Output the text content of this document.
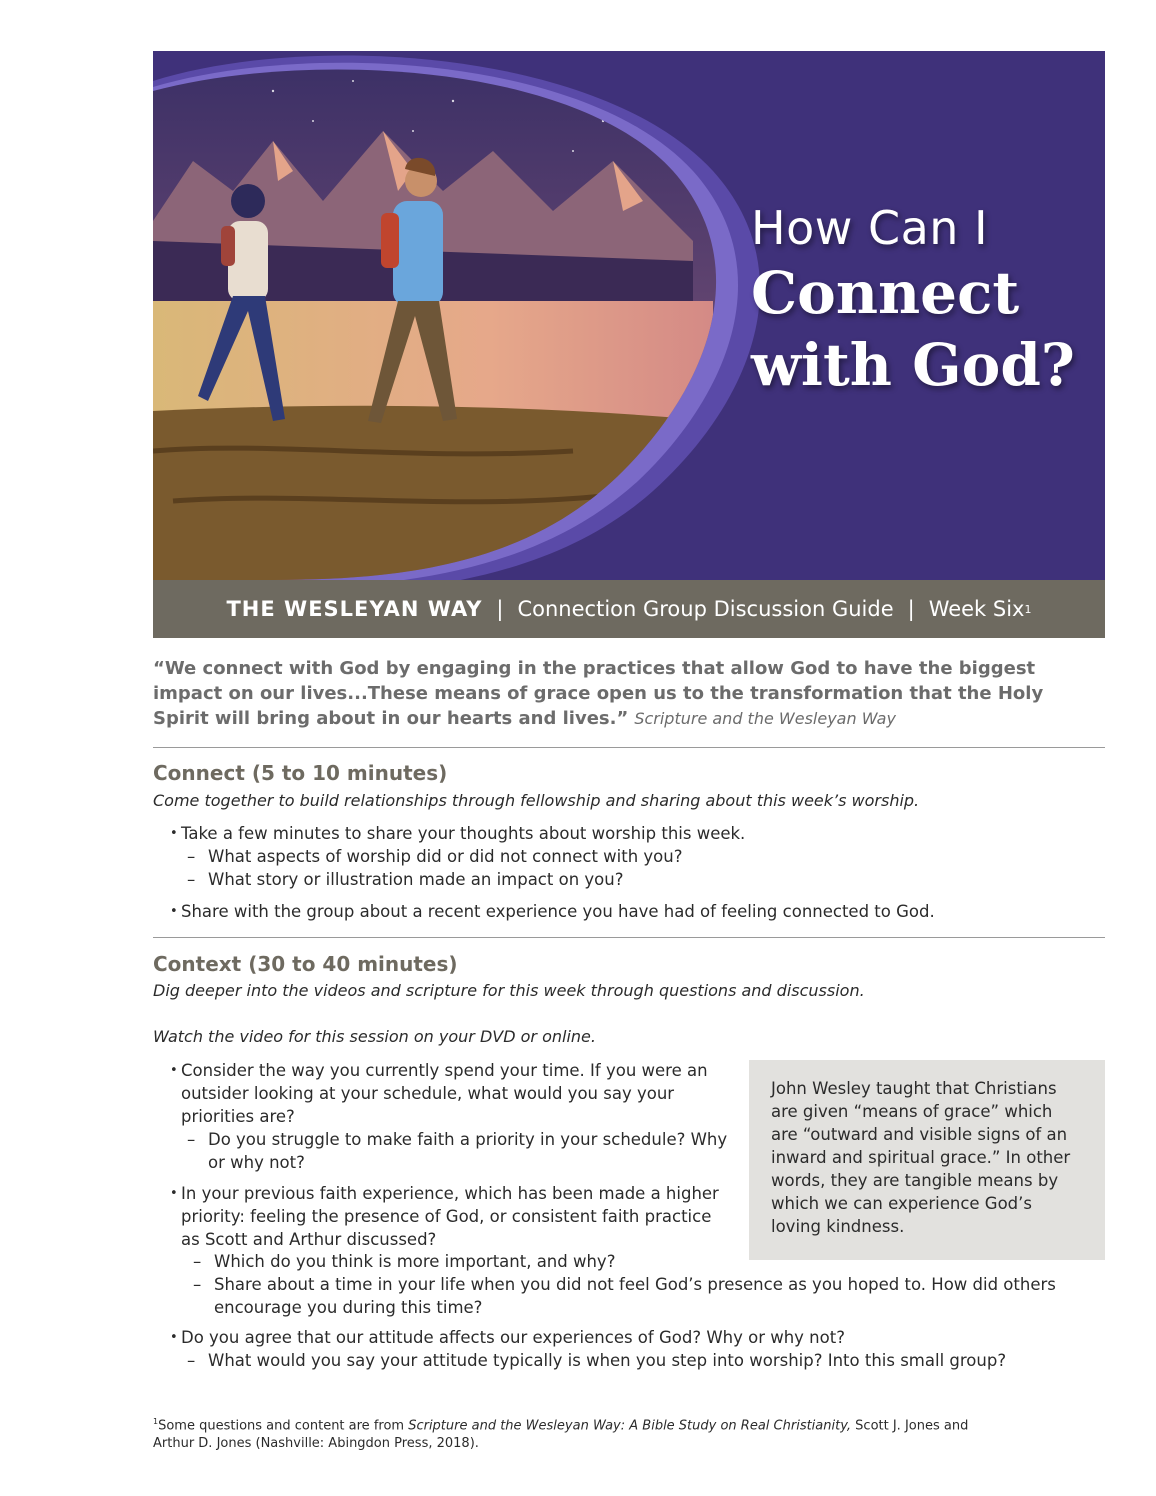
How Can I
Connect
with God?
THE WESLEYAN WAY | Connection Group Discussion Guide | Week Six 1
“We connect with God by engaging in the practices that allow God to have the biggest impact on our lives...These means of grace open us to the transformation that the Holy Spirit will bring about in our hearts and lives.” Scripture and the Wesleyan Way
Connect (5 to 10 minutes)
Come together to build relationships through fellowship and sharing about this week’s worship.
• Take a few minutes to share your thoughts about worship this week.
– What aspects of worship did or did not connect with you?
– What story or illustration made an impact on you?
• Share with the group about a recent experience you have had of feeling connected to God.
Context (30 to 40 minutes)
Dig deeper into the videos and scripture for this week through questions and discussion.
Watch the video for this session on your DVD or online.
• Consider the way you currently spend your time. If you were an outsider looking at your schedule, what would you say your priorities are?
– Do you struggle to make faith a priority in your schedule? Why or why not?
• In your previous faith experience, which has been made a higher priority: feeling the presence of God, or consistent faith practice as Scott and Arthur discussed?
– Which do you think is more important, and why?
– Share about a time in your life when you did not feel God’s presence as you hoped to. How did others encourage you during this time?
• Do you agree that our attitude affects our experiences of God? Why or why not?
– What would you say your attitude typically is when you step into worship? Into this small group?
John Wesley taught that Christians are given “means of grace” which are “outward and visible signs of an inward and spiritual grace.” In other words, they are tangible means by which we can experience God’s loving kindness.
$^1$Some questions and content are from Scripture and the Wesleyan Way: A Bible Study on Real Christianity, Scott J. Jones and Arthur D. Jones (Nashville: Abingdon Press, 2018).
